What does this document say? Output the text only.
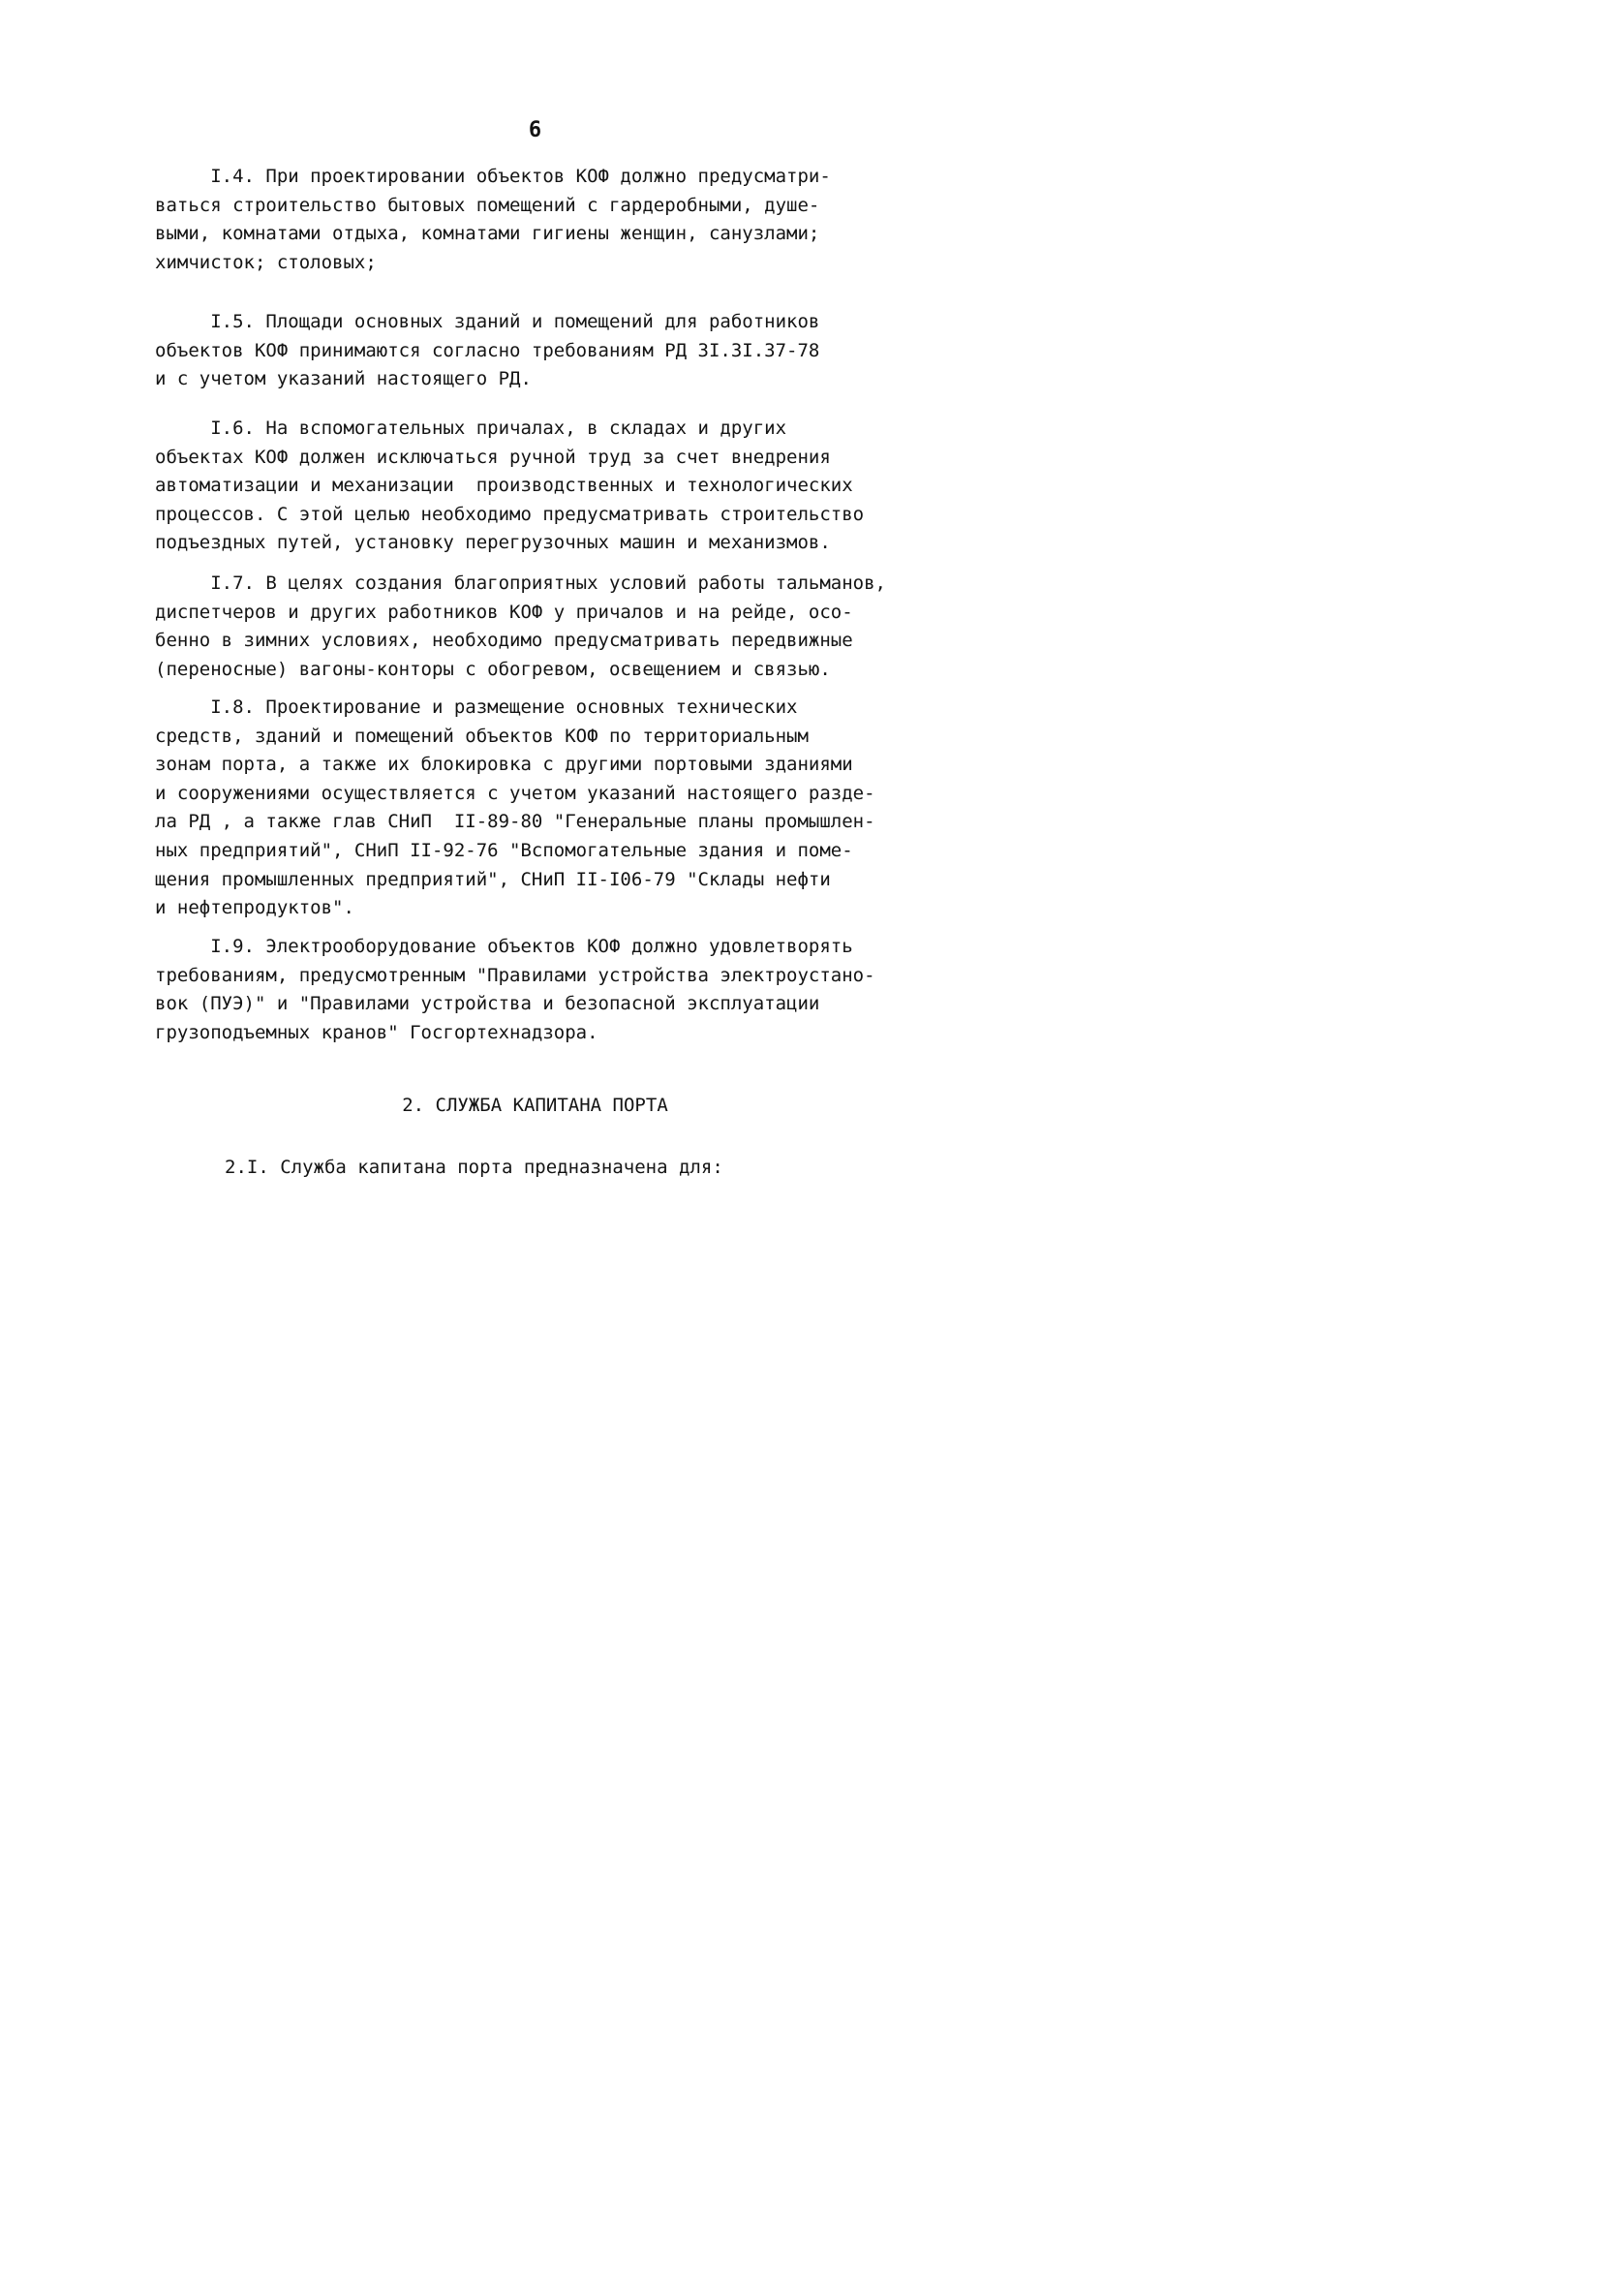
6
I.4. При проектировании объектов КОФ должно предусматри-
ваться строительство бытовых помещений с гардеробными, душе-
выми, комнатами отдыха, комнатами гигиены женщин, санузлами;
химчисток; столовых;
I.5. Площади основных зданий и помещений для работников
объектов КОФ принимаются согласно требованиям РД 3I.3I.37-78
и с учетом указаний настоящего РД.
I.6. На вспомогательных причалах, в складах и других
объектах КОФ должен исключаться ручной труд за счет внедрения
автоматизации и механизации  производственных и технологических
процессов. С этой целью необходимо предусматривать строительство
подъездных путей, установку перегрузочных машин и механизмов.
I.7. В целях создания благоприятных условий работы тальманов,
диспетчеров и других работников КОФ у причалов и на рейде, осо-
бенно в зимних условиях, необходимо предусматривать передвижные
(переносные) вагоны-конторы с обогревом, освещением и связью.
I.8. Проектирование и размещение основных технических
средств, зданий и помещений объектов КОФ по территориальным
зонам порта, а также их блокировка с другими портовыми зданиями
и сооружениями осуществляется с учетом указаний настоящего разде-
ла РД , а также глав СНиП  II-89-80 "Генеральные планы промышлен-
ных предприятий", СНиП II-92-76 "Вспомогательные здания и поме-
щения промышленных предприятий", СНиП II-I06-79 "Склады нефти
и нефтепродуктов".
I.9. Электрооборудование объектов КОФ должно удовлетворять
требованиям, предусмотренным "Правилами устройства электроустано-
вок (ПУЭ)" и "Правилами устройства и безопасной эксплуатации
грузоподъемных кранов" Госгортехнадзора.
2. СЛУЖБА КАПИТАНА ПОРТА
2.I. Служба капитана порта предназначена для:
